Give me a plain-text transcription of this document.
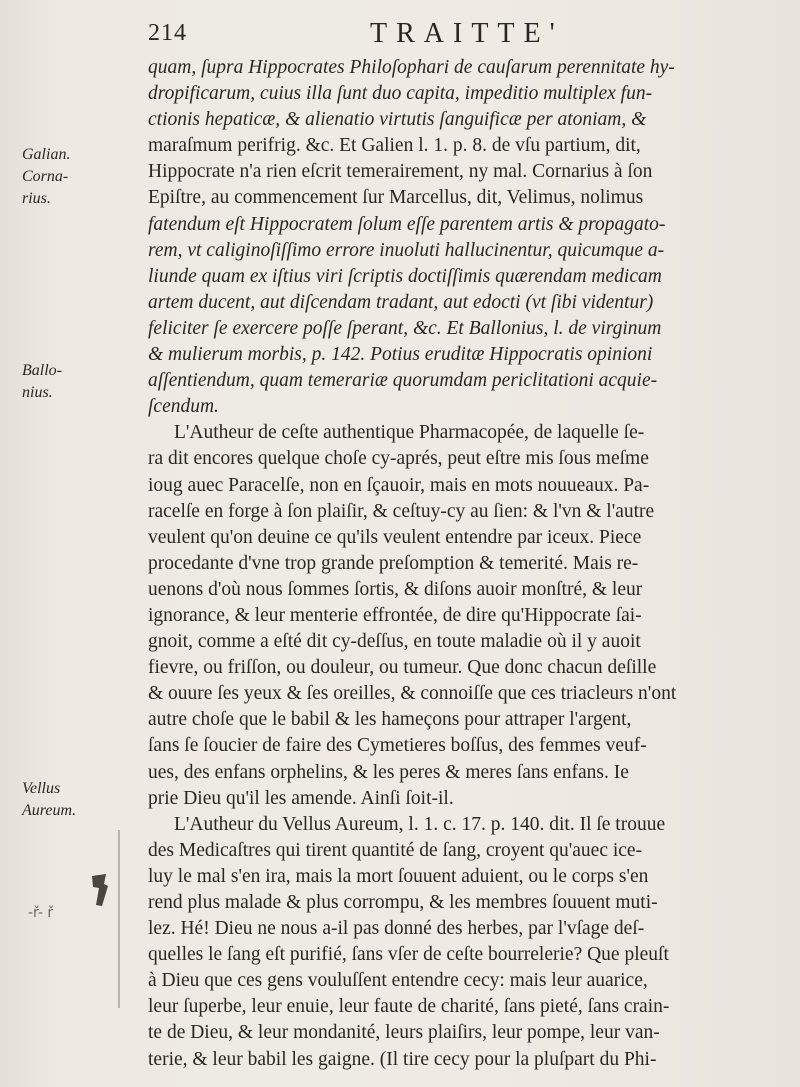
214	TRAITTE'
Galian.
Corna-
rius.
Ballo-
nius.
Vellus
Aureum.
-ř- ř
quam, ſupra Hippocrates Philoſophari de cauſarum perennitate hy-
dropificarum, cuius illa ſunt duo capita, impeditio multiplex fun-
ctionis hepaticæ, & alienatio virtutis ſanguificæ per atoniam, &
maraſmum perifrig. &c. Et Galien l. 1. p. 8. de vſu partium, dit,
Hippocrate n'a rien eſcrit temerairement, ny mal. Cornarius à ſon
Epiſtre, au commencement ſur Marcellus, dit, Velimus, nolimus
fatendum eſt Hippocratem ſolum eſſe parentem artis & propagato-
rem, vt caliginoſiſſimo errore inuoluti hallucinentur, quicumque a-
liunde quam ex iſtius viri ſcriptis doctiſſimis quærendam medicam
artem ducent, aut diſcendam tradant, aut edocti (vt ſibi videntur)
feliciter ſe exercere poſſe ſperant, &c. Et Ballonius, l. de virginum
& mulierum morbis, p. 142. Potius eruditæ Hippocratis opinioni
aſſentiendum, quam temerariæ quorumdam periclitationi acquie-
ſcendum.
L'Autheur de ceſte authentique Pharmacopée, de laquelle ſe-
ra dit encores quelque choſe cy-aprés, peut eſtre mis ſous meſme
ioug auec Paracelſe, non en ſçauoir, mais en mots nouueaux. Pa-
racelſe en forge à ſon plaiſir, & ceſtuy-cy au ſien: & l'vn & l'autre
veulent qu'on deuine ce qu'ils veulent entendre par iceux. Piece
procedante d'vne trop grande preſomption & temerité. Mais re-
uenons d'où nous ſommes ſortis, & diſons auoir monſtré, & leur
ignorance, & leur menterie effrontée, de dire qu'Hippocrate ſai-
gnoit, comme a eſté dit cy-deſſus, en toute maladie où il y auoit
fievre, ou friſſon, ou douleur, ou tumeur. Que donc chacun deſille
& ouure ſes yeux & ſes oreilles, & connoiſſe que ces triacleurs n'ont
autre choſe que le babil & les hameçons pour attraper l'argent,
ſans ſe ſoucier de faire des Cymetieres boſſus, des femmes veuf-
ues, des enfans orphelins, & les peres & meres ſans enfans. Ie
prie Dieu qu'il les amende. Ainſi ſoit-il.
L'Autheur du Vellus Aureum, l. 1. c. 17. p. 140. dit. Il ſe trouue
des Medicaſtres qui tirent quantité de ſang, croyent qu'auec ice-
luy le mal s'en ira, mais la mort ſouuent aduient, ou le corps s'en
rend plus malade & plus corrompu, & les membres ſouuent muti-
lez. Hé! Dieu ne nous a-il pas donné des herbes, par l'vſage deſ-
quelles le ſang eſt purifié, ſans vſer de ceſte bourrelerie? Que pleuſt
à Dieu que ces gens vouluſſent entendre cecy: mais leur auarice,
leur ſuperbe, leur enuie, leur faute de charité, ſans pieté, ſans crain-
te de Dieu, & leur mondanité, leurs plaiſirs, leur pompe, leur van-
terie, & leur babil les gaigne. (Il tire cecy pour la pluſpart du Phi-
